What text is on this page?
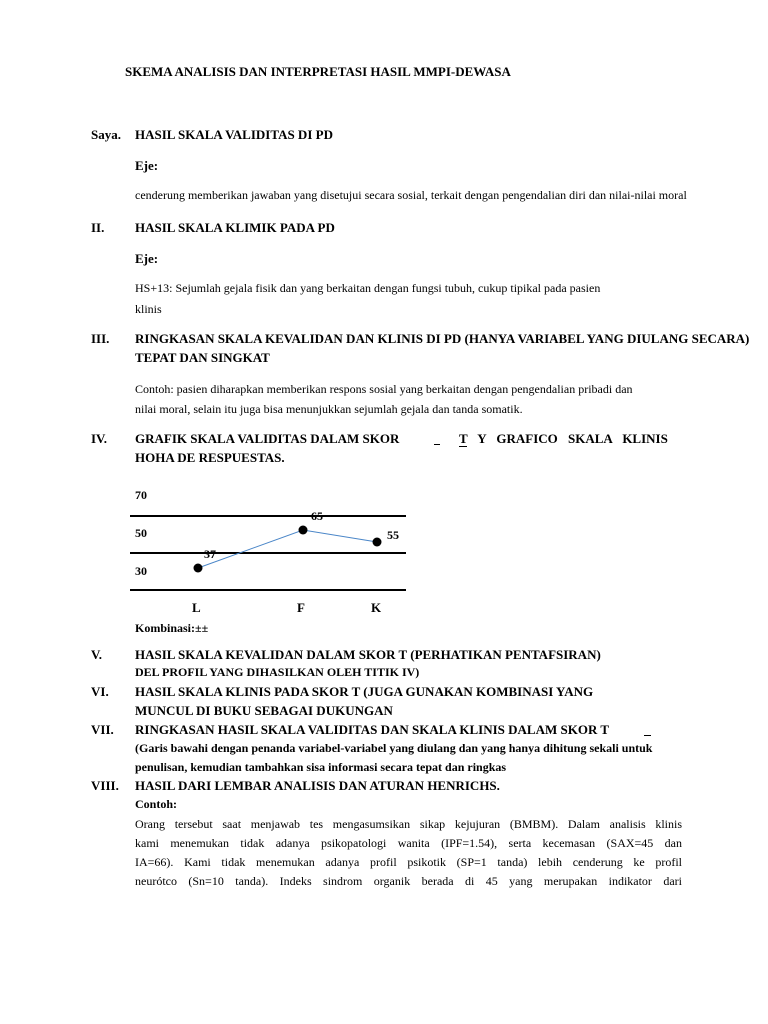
SKEMA ANALISIS DAN INTERPRETASI HASIL MMPI-DEWASA
Saya. HASIL SKALA VALIDITAS DI PD
Eje:
cenderung memberikan jawaban yang disetujui secara sosial, terkait dengan pengendalian diri dan nilai-nilai moral
II. HASIL SKALA KLIMIK PADA PD
Eje:
HS+13: Sejumlah gejala fisik dan yang berkaitan dengan fungsi tubuh, cukup tipikal pada pasien
klinis
III. RINGKASAN SKALA KEVALIDAN DAN KLINIS DI PD (HANYA VARIABEL YANG DIULANG SECARA)
TEPAT DAN SINGKAT
Contoh: pasien diharapkan memberikan respons sosial yang berkaitan dengan pengendalian pribadi dan
nilai moral, selain itu juga bisa menunjukkan sejumlah gejala dan tanda somatik.
IV. GRAFIK SKALA VALIDITAS DALAM SKOR	T Y GRAFICO SKALA KLINIS
HOHA DE RESPUESTAS.
70
50
30
37
65
55
L	F	K
Kombinasi:±±
V.	HASIL SKALA KEVALIDAN DALAM SKOR T (PERHATIKAN PENTAFSIRAN)
DEL PROFIL YANG DIHASILKAN OLEH TITIK IV)
VI. HASIL SKALA KLINIS PADA SKOR T (JUGA GUNAKAN KOMBINASI YANG
MUNCUL DI BUKU SEBAGAI DUKUNGAN
VII. RINGKASAN HASIL SKALA VALIDITAS DAN SKALA KLINIS DALAM SKOR T
(Garis bawahi dengan penanda variabel-variabel yang diulang dan yang hanya dihitung sekali untuk
penulisan, kemudian tambahkan sisa informasi secara tepat dan ringkas
VIII. HASIL DARI LEMBAR ANALISIS DAN ATURAN HENRICHS.
Contoh:
Orang tersebut saat menjawab tes mengasumsikan sikap kejujuran (BMBM). Dalam analisis klinis
kami menemukan tidak adanya psikopatologi wanita (IPF=1.54), serta kecemasan (SAX=45 dan
IA=66). Kami tidak menemukan adanya profil psikotik (SP=1 tanda) lebih cenderung ke profil
neurótco (Sn=10 tanda). Indeks sindrom organik berada di 45 yang merupakan indikator dari
